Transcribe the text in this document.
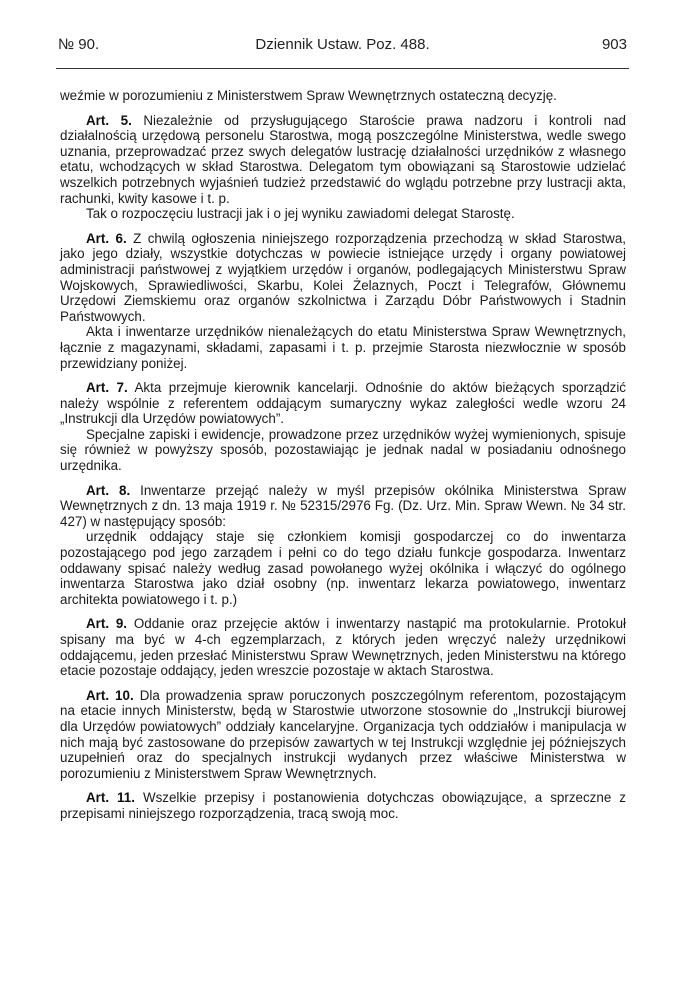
№ 90.	Dziennik Ustaw. Poz. 488.	903

weźmie w porozumieniu z Ministerstwem Spraw Wewnętrznych ostateczną decyzję.

Art. 5. Niezależnie od przysługującego Staroście prawa nadzoru i kontroli nad działalnością urzędową personelu Starostwa, mogą poszczególne Ministerstwa, wedle swego uznania, przeprowadzać przez swych delegatów lustrację działalności urzędników z własnego etatu, wchodzących w skład Starostwa. Delegatom tym obowiązani są Starostowie udzielać wszelkich potrzebnych wyjaśnień tudzież przedstawić do wglądu potrzebne przy lustracji akta, rachunki, kwity kasowe i t. p.

Tak o rozpoczęciu lustracji jak i o jej wyniku zawiadomi delegat Starostę.

Art. 6. Z chwilą ogłoszenia niniejszego rozporządzenia przechodzą w skład Starostwa, jako jego działy, wszystkie dotychczas w powiecie istniejące urzędy i organy powiatowej administracji państwowej z wyjątkiem urzędów i organów, podlegających Ministerstwu Spraw Wojskowych, Sprawiedliwości, Skarbu, Kolei Żelaznych, Poczt i Telegrafów, Głównemu Urzędowi Ziemskiemu oraz organów szkolnictwa i Zarządu Dóbr Państwowych i Stadnin Państwowych.

Akta i inwentarze urzędników nienależących do etatu Ministerstwa Spraw Wewnętrznych, łącznie z magazynami, składami, zapasami i t. p. przejmie Starosta niezwłocznie w sposób przewidziany poniżej.

Art. 7. Akta przejmuje kierownik kancelarji. Odnośnie do aktów bieżących sporządzić należy wspólnie z referentem oddającym sumaryczny wykaz zaległości wedle wzoru 24 „Instrukcji dla Urzędów powiatowych”.

Specjalne zapiski i ewidencje, prowadzone przez urzędników wyżej wymienionych, spisuje się również w powyższy sposób, pozostawiając je jednak nadal w posiadaniu odnośnego urzędnika.

Art. 8. Inwentarze przejąć należy w myśl przepisów okólnika Ministerstwa Spraw Wewnętrznych z dn. 13 maja 1919 r. № 52315/2976 Fg. (Dz. Urz. Min. Spraw Wewn. № 34 str. 427) w następujący sposób:

urzędnik oddający staje się członkiem komisji gospodarczej co do inwentarza pozostającego pod jego zarządem i pełni co do tego działu funkcje gospodarza. Inwentarz oddawany spisać należy według zasad powołanego wyżej okólnika i włączyć do ogólnego inwentarza Starostwa jako dział osobny (np. inwentarz lekarza powiatowego, inwentarz architekta powiatowego i t. p.)

Art. 9. Oddanie oraz przejęcie aktów i inwentarzy nastąpić ma protokularnie. Protokuł spisany ma być w 4-ch egzemplarzach, z których jeden wręczyć należy urzędnikowi oddającemu, jeden przesłać Ministerstwu Spraw Wewnętrznych, jeden Ministerstwu na którego etacie pozostaje oddający, jeden wreszcie pozostaje w aktach Starostwa.

Art. 10. Dla prowadzenia spraw poruczonych poszczególnym referentom, pozostającym na etacie innych Ministerstw, będą w Starostwie utworzone stosownie do „Instrukcji biurowej dla Urzędów powiatowych” oddziały kancelaryjne. Organizacja tych oddziałów i manipulacja w nich mają być zastosowane do przepisów zawartych w tej Instrukcji względnie jej późniejszych uzupełnień oraz do specjalnych instrukcji wydanych przez właściwe Ministerstwa w porozumieniu z Ministerstwem Spraw Wewnętrznych.

Art. 11. Wszelkie przepisy i postanowienia dotychczas obowiązujące, a sprzeczne z przepisami niniejszego rozporządzenia, tracą swoją moc.
